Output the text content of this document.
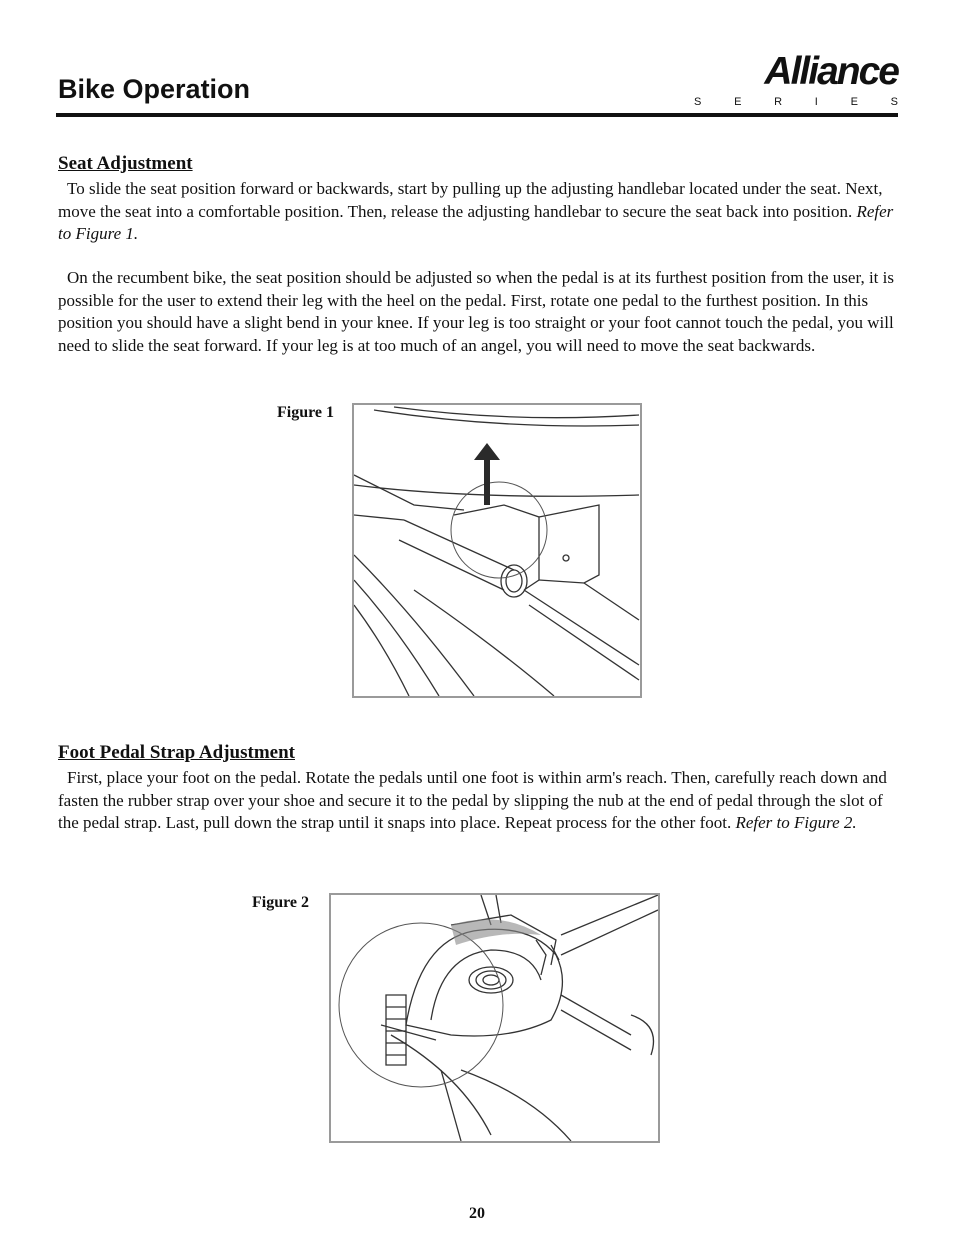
Bike Operation	Alliance
S	E	R	I	E	S
Seat Adjustment

To slide the seat position forward or backwards, start by pulling up the adjusting handlebar located under the seat. Next, move the seat into a comfortable position. Then, release the adjusting handlebar to secure the seat back into position. Refer to Figure 1.

On the recumbent bike, the seat position should be adjusted so when the pedal is at its furthest position from the user, it is possible for the user to extend their leg with the heel on the pedal. First, rotate one pedal to the furthest position. In this position you should have a slight bend in your knee. If your leg is too straight or your foot cannot touch the pedal, you will need to slide the seat forward. If your leg is at too much of an angel, you will need to move the seat backwards.

Figure 1
Foot Pedal Strap Adjustment

First, place your foot on the pedal. Rotate the pedals until one foot is within arm's reach. Then, carefully reach down and fasten the rubber strap over your shoe and secure it to the pedal by slipping the nub at the end of pedal through the slot of the pedal strap. Last, pull down the strap until it snaps into place. Repeat process for the other foot. Refer to Figure 2.

Figure 2
20
